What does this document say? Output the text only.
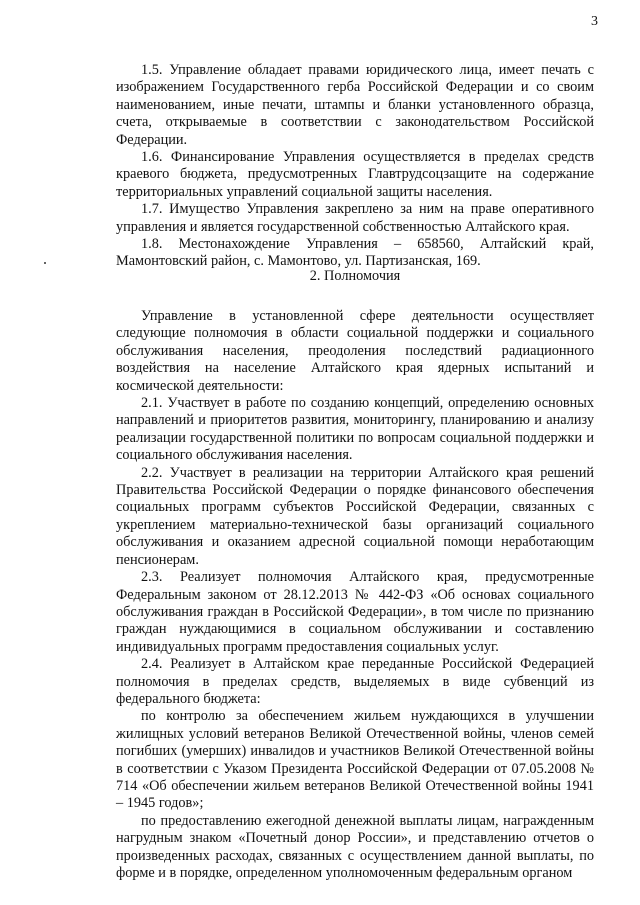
3

1.5. Управление обладает правами юридического лица, имеет печать с изображением Государственного герба Российской Федерации и со своим наименованием, иные печати, штампы и бланки установленного образца, счета, открываемые в соответствии с законодательством Российской Федерации.

1.6. Финансирование Управления осуществляется в пределах средств краевого бюджета, предусмотренных Главтрудсоцзащите на содержание территориальных управлений социальной защиты населения.

1.7. Имущество Управления закреплено за ним на праве оперативного управления и является государственной собственностью Алтайского края.

1.8. Местонахождение Управления – 658560, Алтайский край, Мамонтовский район, с. Мамонтово, ул. Партизанская, 169.

2. Полномочия

Управление в установленной сфере деятельности осуществляет следующие полномочия в области социальной поддержки и социального обслуживания населения, преодоления последствий радиационного воздействия на население Алтайского края ядерных испытаний и космической деятельности:

2.1. Участвует в работе по созданию концепций, определению основных направлений и приоритетов развития, мониторингу, планированию и анализу реализации государственной политики по вопросам социальной поддержки и социального обслуживания населения.

2.2. Участвует в реализации на территории Алтайского края решений Правительства Российской Федерации о порядке финансового обеспечения социальных программ субъектов Российской Федерации, связанных с укреплением материально-технической базы организаций социального обслуживания и оказанием адресной социальной помощи неработающим пенсионерам.

2.3. Реализует полномочия Алтайского края, предусмотренные Федеральным законом от 28.12.2013 № 442-ФЗ «Об основах социального обслуживания граждан в Российской Федерации», в том числе по признанию граждан нуждающимися в социальном обслуживании и составлению индивидуальных программ предоставления социальных услуг.

2.4. Реализует в Алтайском крае переданные Российской Федерацией полномочия в пределах средств, выделяемых в виде субвенций из федерального бюджета:

по контролю за обеспечением жильем нуждающихся в улучшении жилищных условий ветеранов Великой Отечественной войны, членов семей погибших (умерших) инвалидов и участников Великой Отечественной войны в соответствии с Указом Президента Российской Федерации от 07.05.2008 № 714 «Об обеспечении жильем ветеранов Великой Отечественной войны 1941 – 1945 годов»;

по предоставлению ежегодной денежной выплаты лицам, награжденным нагрудным знаком «Почетный донор России», и представлению отчетов о произведенных расходах, связанных с осуществлением данной выплаты, по форме и в порядке, определенном уполномоченным федеральным органом
